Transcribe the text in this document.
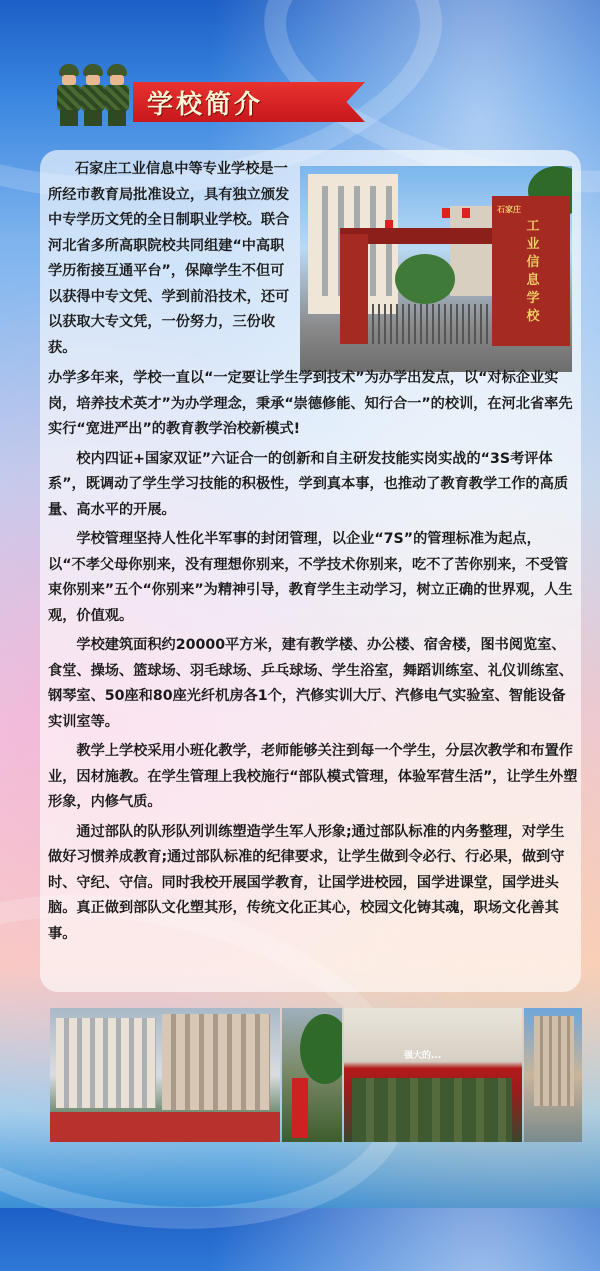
学校简介
石家庄
工业信息学校

石家庄工业信息中等专业学校是一所经市教育局批准设立，具有独立颁发中专学历文凭的全日制职业学校。联合河北省多所高职院校共同组建“中高职学历衔接互通平台”，保障学生不但可以获得中专文凭、学到前沿技术，还可以获取大专文凭，一份努力，三份收获。

办学多年来，学校一直以“一定要让学生学到技术”为办学出发点，以“对标企业实岗，培养技术英才”为办学理念，秉承“崇德修能、知行合一”的校训，在河北省率先实行“宽进严出”的教育教学治校新模式!

校内四证+国家双证”六证合一的创新和自主研发技能实岗实战的“3S考评体系”，既调动了学生学习技能的积极性，学到真本事，也推动了教育教学工作的高质量、高水平的开展。

学校管理坚持人性化半军事的封闭管理，以企业“7S”的管理标准为起点，以“不孝父母你别来，没有理想你别来，不学技术你别来，吃不了苦你别来，不受管束你别来”五个“你别来”为精神引导，教育学生主动学习，树立正确的世界观，人生观，价值观。

学校建筑面积约20000平方米，建有教学楼、办公楼、宿舍楼，图书阅览室、食堂、操场、篮球场、羽毛球场、乒乓球场、学生浴室，舞蹈训练室、礼仪训练室、钢琴室、50座和80座光纤机房各1个，汽修实训大厅、汽修电气实验室、智能设备实训室等。

教学上学校采用小班化教学，老师能够关注到每一个学生，分层次教学和布置作业，因材施教。在学生管理上我校施行“部队模式管理，体验军营生活”，让学生外塑形象，内修气质。

通过部队的队形队列训练塑造学生军人形象;通过部队标准的内务整理，对学生做好习惯养成教育;通过部队标准的纪律要求，让学生做到令必行、行必果，做到守时、守纪、守信。同时我校开展国学教育，让国学进校园，国学进课堂，国学进头脑。真正做到部队文化塑其形，传统文化正其心，校园文化铸其魂，职场文化善其事。

强大的...
